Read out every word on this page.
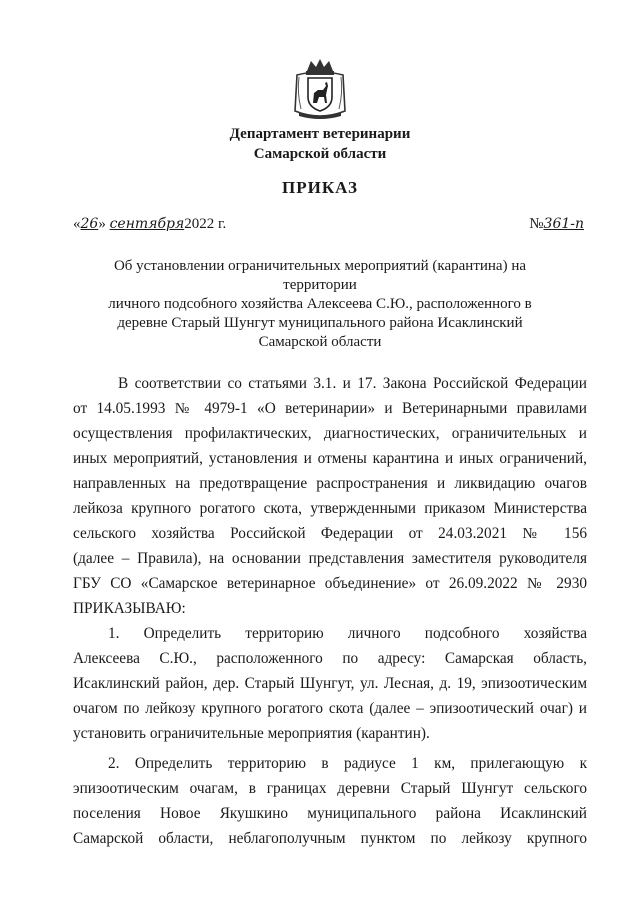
Департамент ветеринарии
Самарской области
ПРИКАЗ
«26» сентября2022 г.	№361-п
Об установлении ограничительных мероприятий (карантина) на территории
личного подсобного хозяйства Алексеева С.Ю., расположенного в
деревне Старый Шунгут муниципального района Исаклинский
Самарской области
В соответствии со статьями 3.1. и 17. Закона Российской Федерации
от 14.05.1993 № 4979-1 «О ветеринарии» и Ветеринарными правилами
осуществления профилактических, диагностических, ограничительных и
иных мероприятий, установления и отмены карантина и иных ограничений,
направленных на предотвращение распространения и ликвидацию очагов
лейкоза крупного рогатого скота, утвержденными приказом Министерства
сельского хозяйства Российской Федерации от 24.03.2021 № 156
(далее – Правила), на основании представления заместителя руководителя
ГБУ СО «Самарское ветеринарное объединение» от 26.09.2022 № 2930
ПРИКАЗЫВАЮ:
1. Определить территорию личного подсобного хозяйства
Алексеева С.Ю., расположенного по адресу: Самарская область,
Исаклинский район, дер. Старый Шунгут, ул. Лесная, д. 19, эпизоотическим
очагом по лейкозу крупного рогатого скота (далее – эпизоотический очаг) и
установить ограничительные мероприятия (карантин).
2. Определить территорию в радиусе 1 км, прилегающую к
эпизоотическим очагам, в границах деревни Старый Шунгут сельского
поселения Новое Якушкино муниципального района Исаклинский
Самарской области, неблагополучным пунктом по лейкозу крупного
